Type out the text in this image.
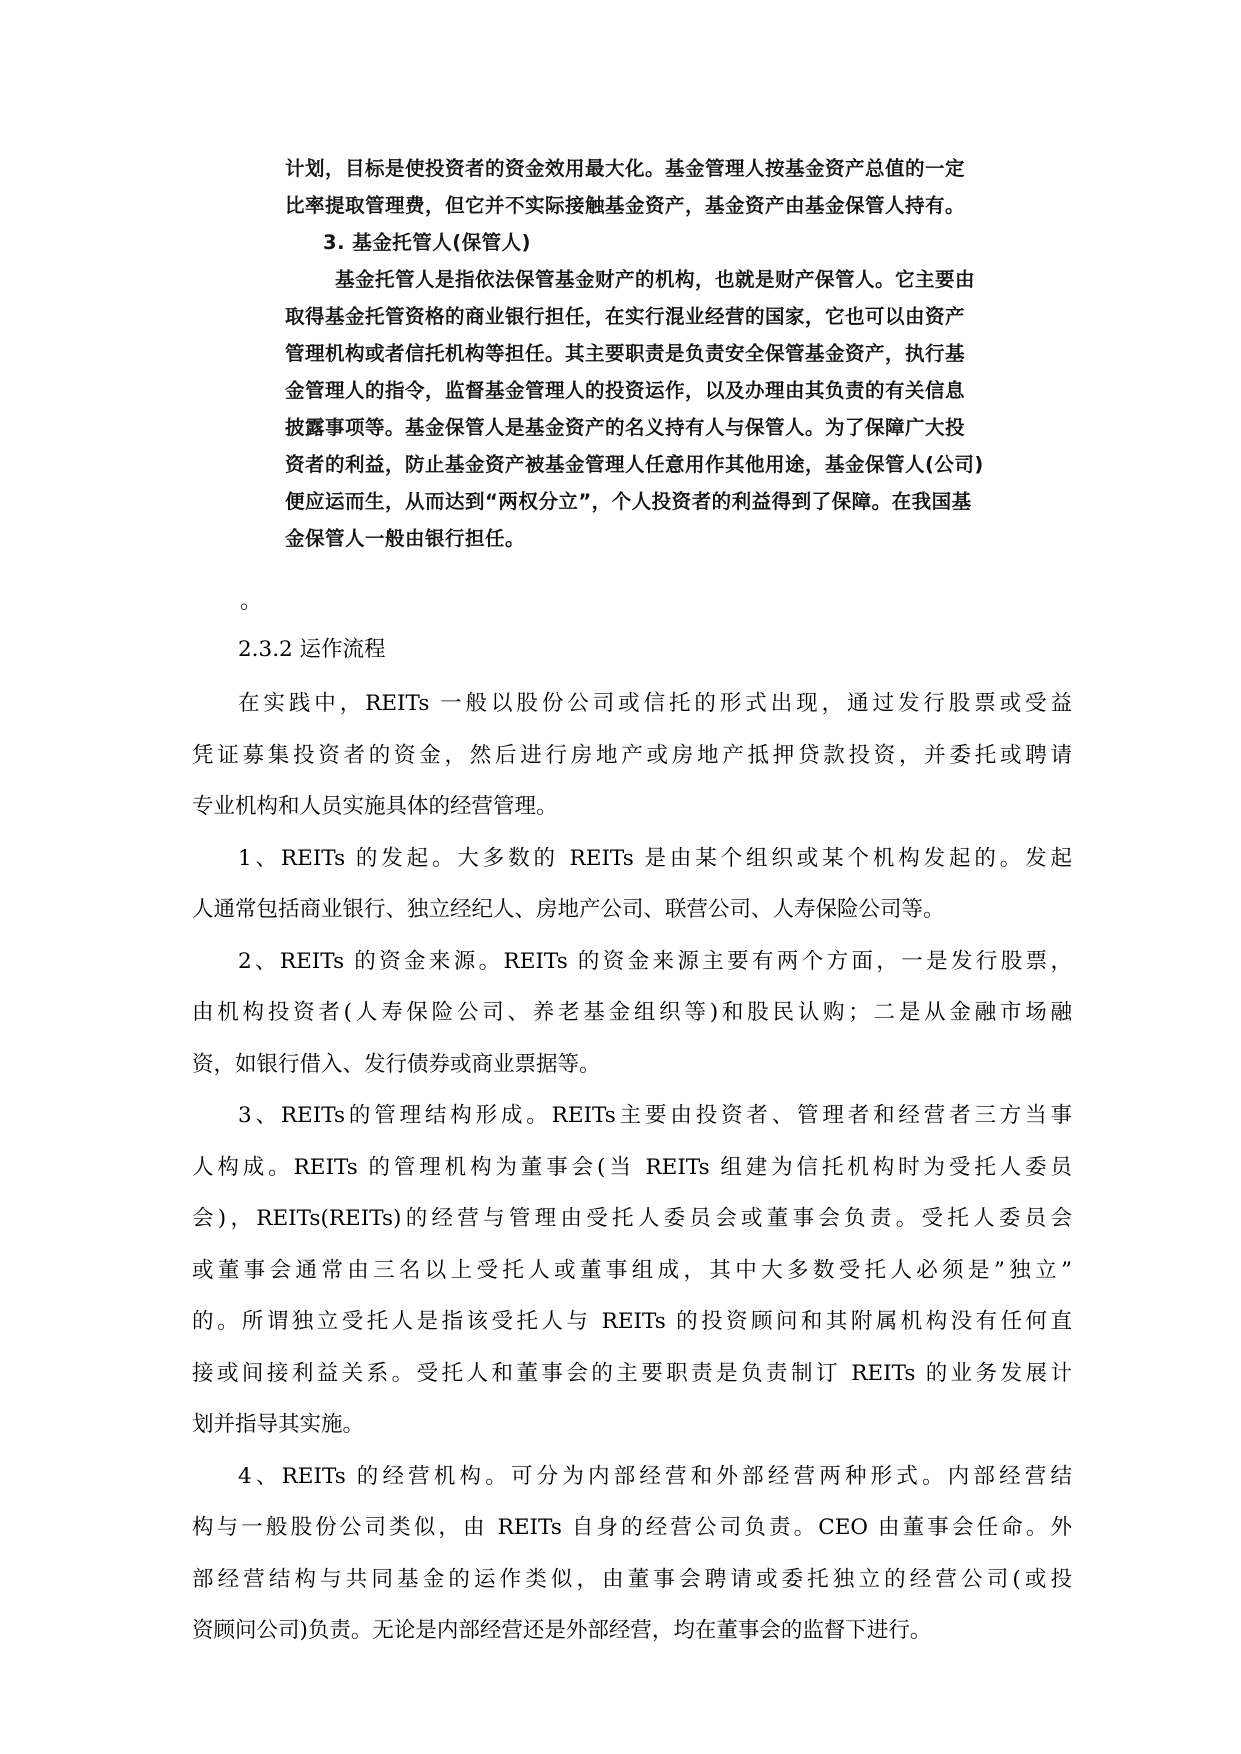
计划，目标是使投资者的资金效用最大化。基金管理人按基金资产总值的一定
比率提取管理费，但它并不实际接触基金资产，基金资产由基金保管人持有。
3. 基金托管人(保管人)
基金托管人是指依法保管基金财产的机构，也就是财产保管人。它主要由
取得基金托管资格的商业银行担任，在实行混业经营的国家，它也可以由资产
管理机构或者信托机构等担任。其主要职责是负责安全保管基金资产，执行基
金管理人的指令，监督基金管理人的投资运作，以及办理由其负责的有关信息
披露事项等。基金保管人是基金资产的名义持有人与保管人。为了保障广大投
资者的利益，防止基金资产被基金管理人任意用作其他用途，基金保管人(公司)
便应运而生，从而达到“两权分立”，个人投资者的利益得到了保障。在我国基
金保管人一般由银行担任。
。
2.3.2 运作流程
在实践中，REITs 一般以股份公司或信托的形式出现，通过发行股票或受益
凭证募集投资者的资金，然后进行房地产或房地产抵押贷款投资，并委托或聘请
专业机构和人员实施具体的经营管理。
1、REITs 的发起。大多数的 REITs 是由某个组织或某个机构发起的。发起
人通常包括商业银行、独立经纪人、房地产公司、联营公司、人寿保险公司等。
2、REITs 的资金来源。REITs 的资金来源主要有两个方面，一是发行股票，
由机构投资者(人寿保险公司、养老基金组织等)和股民认购；二是从金融市场融
资，如银行借入、发行债券或商业票据等。
3、REITs的管理结构形成。REITs主要由投资者、管理者和经营者三方当事
人构成。REITs 的管理机构为董事会(当 REITs 组建为信托机构时为受托人委员
会)，REITs(REITs)的经营与管理由受托人委员会或董事会负责。受托人委员会
或董事会通常由三名以上受托人或董事组成，其中大多数受托人必须是”独立”
的。所谓独立受托人是指该受托人与 REITs 的投资顾问和其附属机构没有任何直
接或间接利益关系。受托人和董事会的主要职责是负责制订 REITs 的业务发展计
划并指导其实施。
4、REITs 的经营机构。可分为内部经营和外部经营两种形式。内部经营结
构与一般股份公司类似，由 REITs 自身的经营公司负责。CEO 由董事会任命。外
部经营结构与共同基金的运作类似，由董事会聘请或委托独立的经营公司(或投
资顾问公司)负责。无论是内部经营还是外部经营，均在董事会的监督下进行。
